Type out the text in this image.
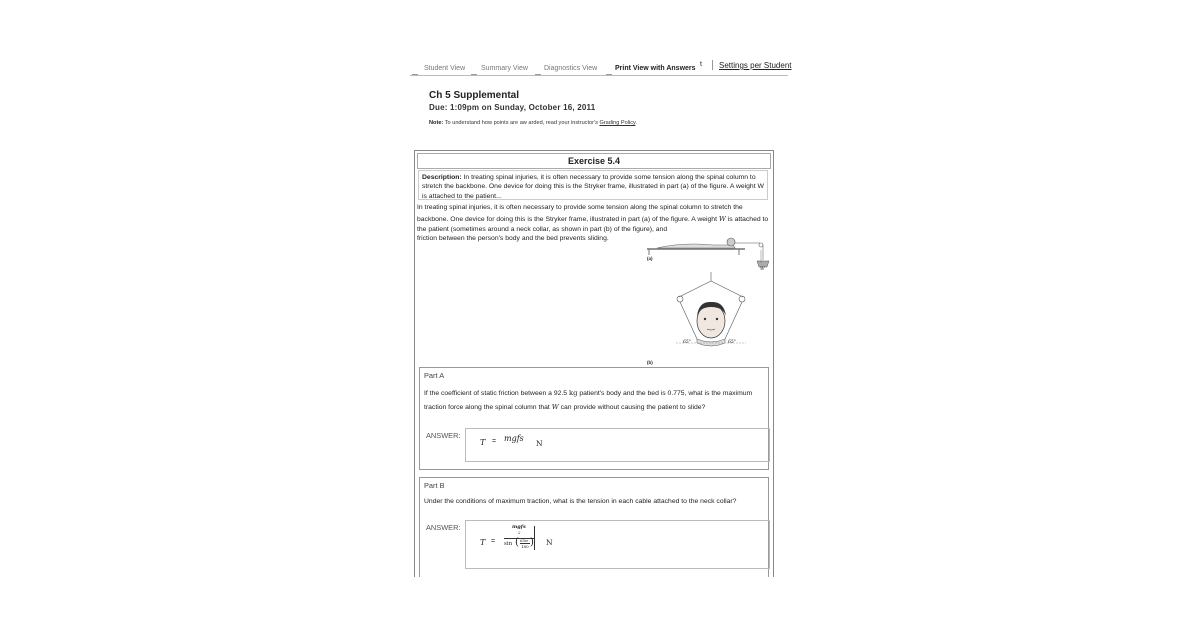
Student View Summary View Diagnostics View	Print View with Answers
t Settings per Student
Ch 5 Supplemental
Due: 1:09pm on Sunday, October 16, 2011
Note: To understand how points are aw arded, read your instructor's Grading Policy.
Exercise 5.4
Description: In treating spinal injuries, it is often necessary to provide some tension along the spinal column to stretch the backbone. One device for doing this is the Stryker frame, illustrated in part (a) of the figure. A weight W is attached to the patient...
In treating spinal injuries, it is often necessary to provide some tension along the spinal column to stretch the backbone. One device for doing this is the Stryker frame, illustrated in part (a) of the figure. A weight W is attached to the patient (sometimes around a neck collar, as shown in part (b) of the figure), and
friction between the person's body and the bed prevents sliding.
(a)
W
65°	65°
(b)
Part A
If the coefficient of static friction between a 92.5 kg patient's body and the bed is 0.775, what is the maximum traction force along the spinal column that W can provide without causing the patient to slide?
ANSWER:
T = mgfs
N
Part B
Under the conditions of maximum traction, what is the tension in each cable attached to the neck collar?
ANSWER:
T =
mgfs
2
sin ( 65π
180 ) N
